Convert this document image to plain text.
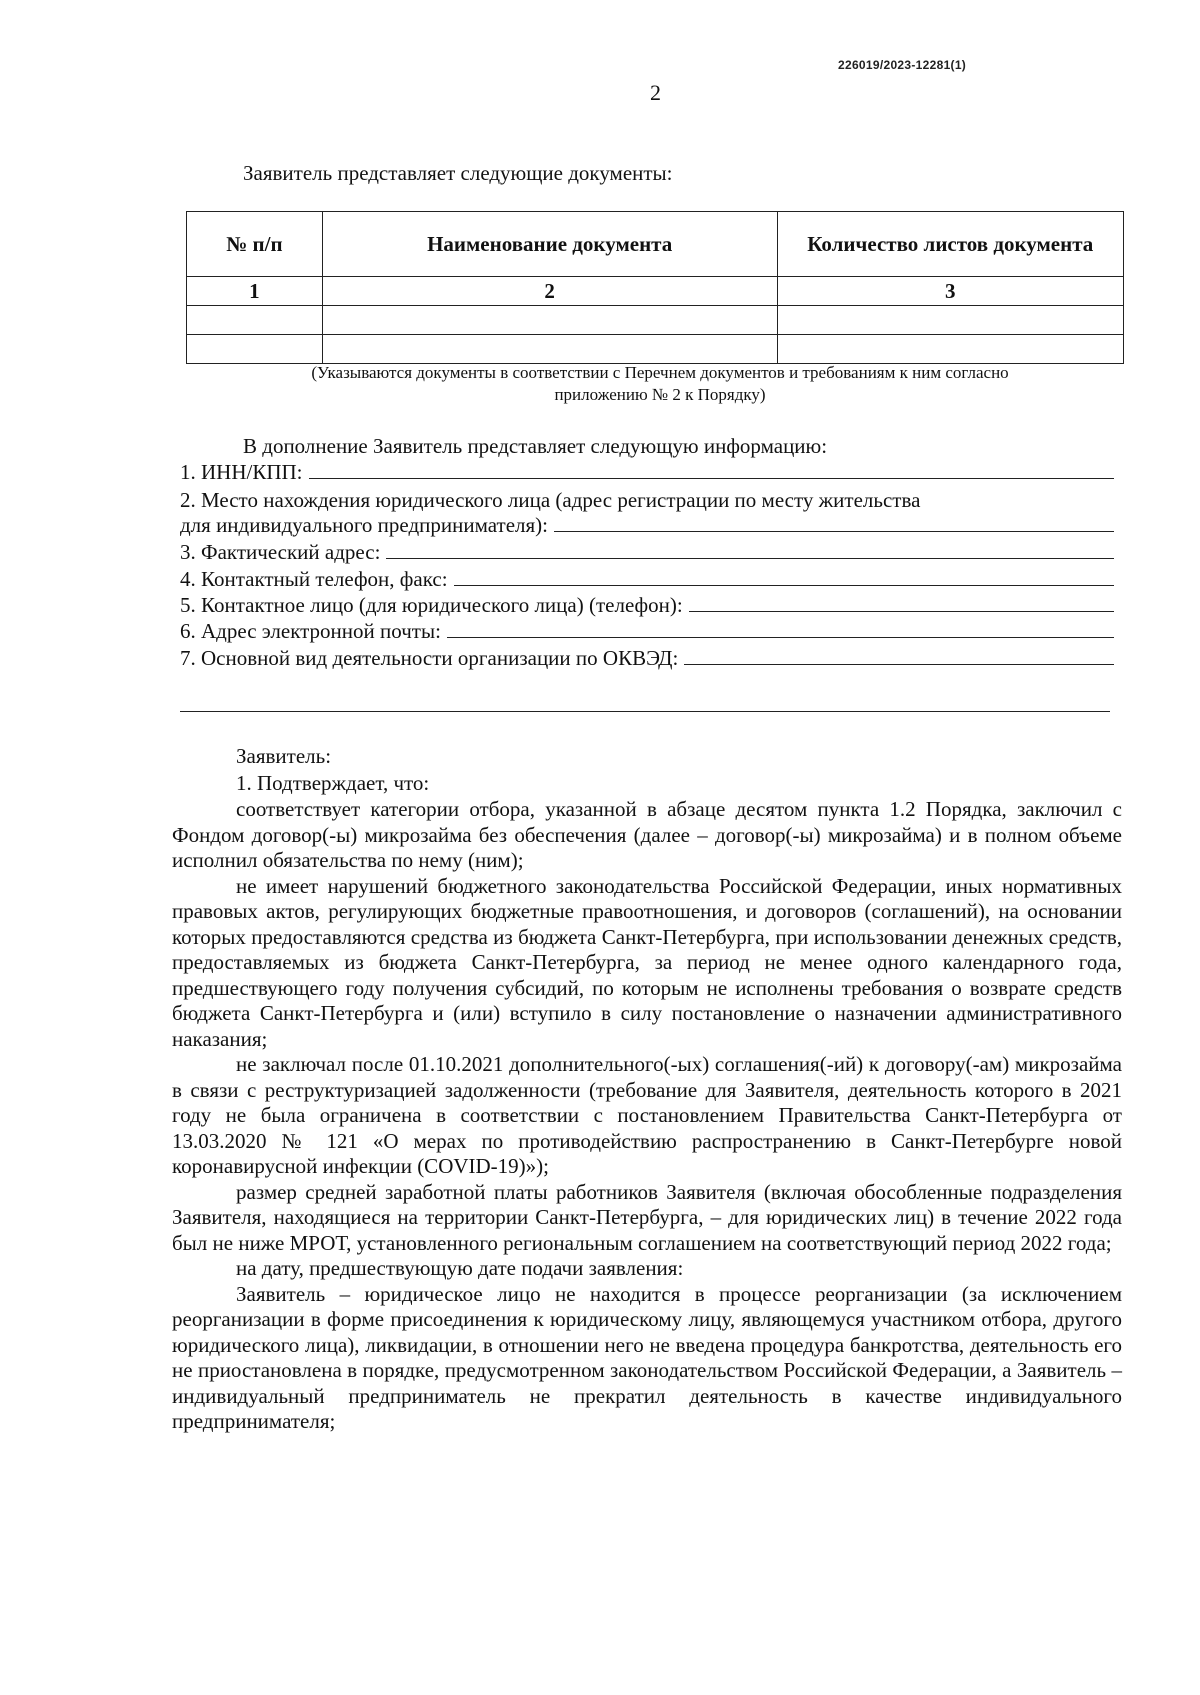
226019/2023-12281(1)
2
Заявитель представляет следующие документы:
№ п/п	Наименование документа	Количество листов документа
1	2	3

(Указываются документы в соответствии с Перечнем документов и требованиям к ним согласно приложению № 2 к Порядку)
В дополнение Заявитель представляет следующую информацию:
1. ИНН/КПП:
2. Место нахождения юридического лица (адрес регистрации по месту жительства
для индивидуального предпринимателя):
3. Фактический адрес:
4. Контактный телефон, факс:
5. Контактное лицо (для юридического лица) (телефон):
6. Адрес электронной почты:
7. Основной вид деятельности организации по ОКВЭД:
Заявитель:
1. Подтверждает, что:

соответствует категории отбора, указанной в абзаце десятом пункта 1.2 Порядка, заключил с Фондом договор(-ы) микрозайма без обеспечения (далее – договор(-ы) микрозайма) и в полном объеме исполнил обязательства по нему (ним);

не имеет нарушений бюджетного законодательства Российской Федерации, иных нормативных правовых актов, регулирующих бюджетные правоотношения, и договоров (соглашений), на основании которых предоставляются средства из бюджета Санкт-Петербурга, при использовании денежных средств, предоставляемых из бюджета Санкт-Петербурга, за период не менее одного календарного года, предшествующего году получения субсидий, по которым не исполнены требования о возврате средств бюджета Санкт-Петербурга и (или) вступило в силу постановление о назначении административного наказания;

не заключал после 01.10.2021 дополнительного(-ых) соглашения(-ий) к договору(-ам) микрозайма в связи с реструктуризацией задолженности (требование для Заявителя, деятельность которого в 2021 году не была ограничена в соответствии с постановлением Правительства Санкт-Петербурга от 13.03.2020 № 121 «О мерах по противодействию распространению в Санкт-Петербурге новой коронавирусной инфекции (COVID-19)»);

размер средней заработной платы работников Заявителя (включая обособленные подразделения Заявителя, находящиеся на территории Санкт-Петербурга, – для юридических лиц) в течение 2022 года был не ниже МРОТ, установленного региональным соглашением на соответствующий период 2022 года;

на дату, предшествующую дате подачи заявления:

Заявитель – юридическое лицо не находится в процессе реорганизации (за исключением реорганизации в форме присоединения к юридическому лицу, являющемуся участником отбора, другого юридического лица), ликвидации, в отношении него не введена процедура банкротства, деятельность его не приостановлена в порядке, предусмотренном законодательством Российской Федерации, а Заявитель – индивидуальный предприниматель не прекратил деятельность в качестве индивидуального предпринимателя;
